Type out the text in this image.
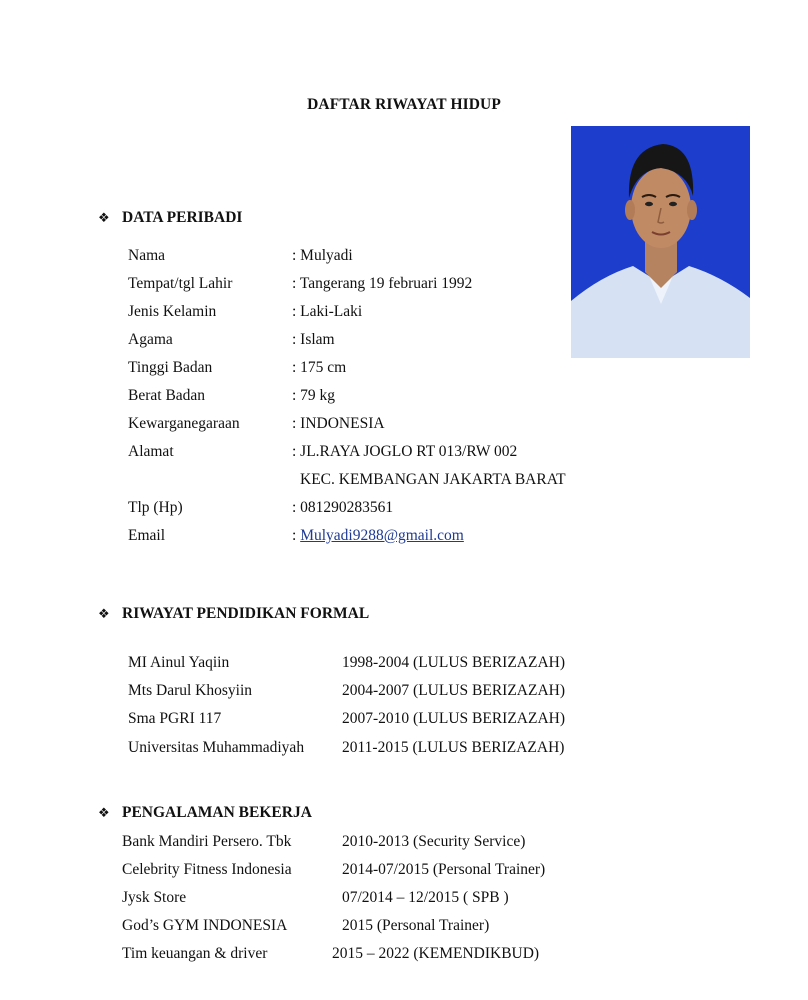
DAFTAR RIWAYAT HIDUP
❖ DATA PERIBADI
Nama	: Mulyadi
Tempat/tgl Lahir	: Tangerang 19 februari 1992
Jenis Kelamin	: Laki-Laki
Agama	: Islam
Tinggi Badan	: 175 cm
Berat Badan	: 79 kg
Kewarganegaraan	: INDONESIA
Alamat	: JL.RAYA JOGLO RT 013/RW 002
KEC. KEMBANGAN JAKARTA BARAT
Tlp (Hp)	: 081290283561
Email	: Mulyadi9288@gmail.com
❖ RIWAYAT PENDIDIKAN FORMAL
MI Ainul Yaqiin	1998-2004 (LULUS BERIZAZAH)
Mts Darul Khosyiin	2004-2007 (LULUS BERIZAZAH)
Sma PGRI 117	2007-2010 (LULUS BERIZAZAH)
Universitas Muhammadiyah 2011-2015 (LULUS BERIZAZAH)
❖ PENGALAMAN BEKERJA
Bank Mandiri Persero. Tbk	2010-2013 (Security Service)
Celebrity Fitness Indonesia	2014-07/2015 (Personal Trainer)
Jysk Store	07/2014 – 12/2015 ( SPB )
God’s GYM INDONESIA	2015 (Personal Trainer)
Tim keuangan & driver	2015 – 2022 (KEMENDIKBUD)
